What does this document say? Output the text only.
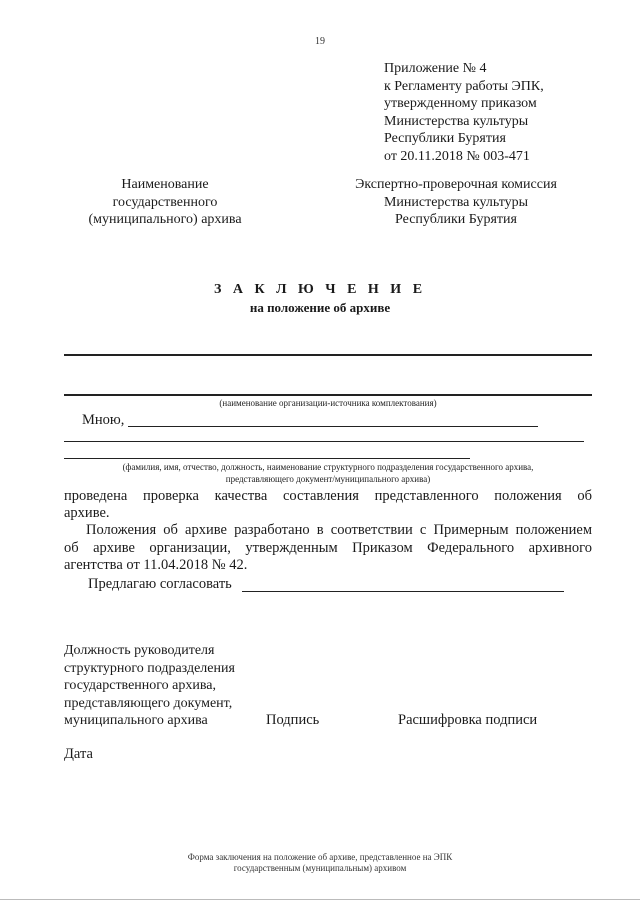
19
Приложение № 4
к Регламенту работы ЭПК,
утвержденному приказом
Министерства культуры
Республики Бурятия
от 20.11.2018 № 003-471
Наименование
государственного
(муниципального) архива
Экспертно-проверочная комиссия
Министерства культуры
Республики Бурятия
З А К Л Ю Ч Е Н И Е
на положение об архиве
(наименование организации-источника комплектования)
Мною,
(фамилия, имя, отчество, должность, наименование структурного подразделения государственного архива,
представляющего документ/муниципального архива)
проведена проверка качества составления представленного положения об
архиве.
Положения об архиве разработано в соответствии с Примерным положением
об архиве организации, утвержденным Приказом Федерального архивного
агентства от 11.04.2018 № 42.
Предлагаю согласовать
Должность руководителя
структурного подразделения
государственного архива,
представляющего документ,
муниципального архива	Подпись	Расшифровка подписи
Дата
Форма заключения на положение об архиве, представленное на ЭПК
государственным (муниципальным) архивом
